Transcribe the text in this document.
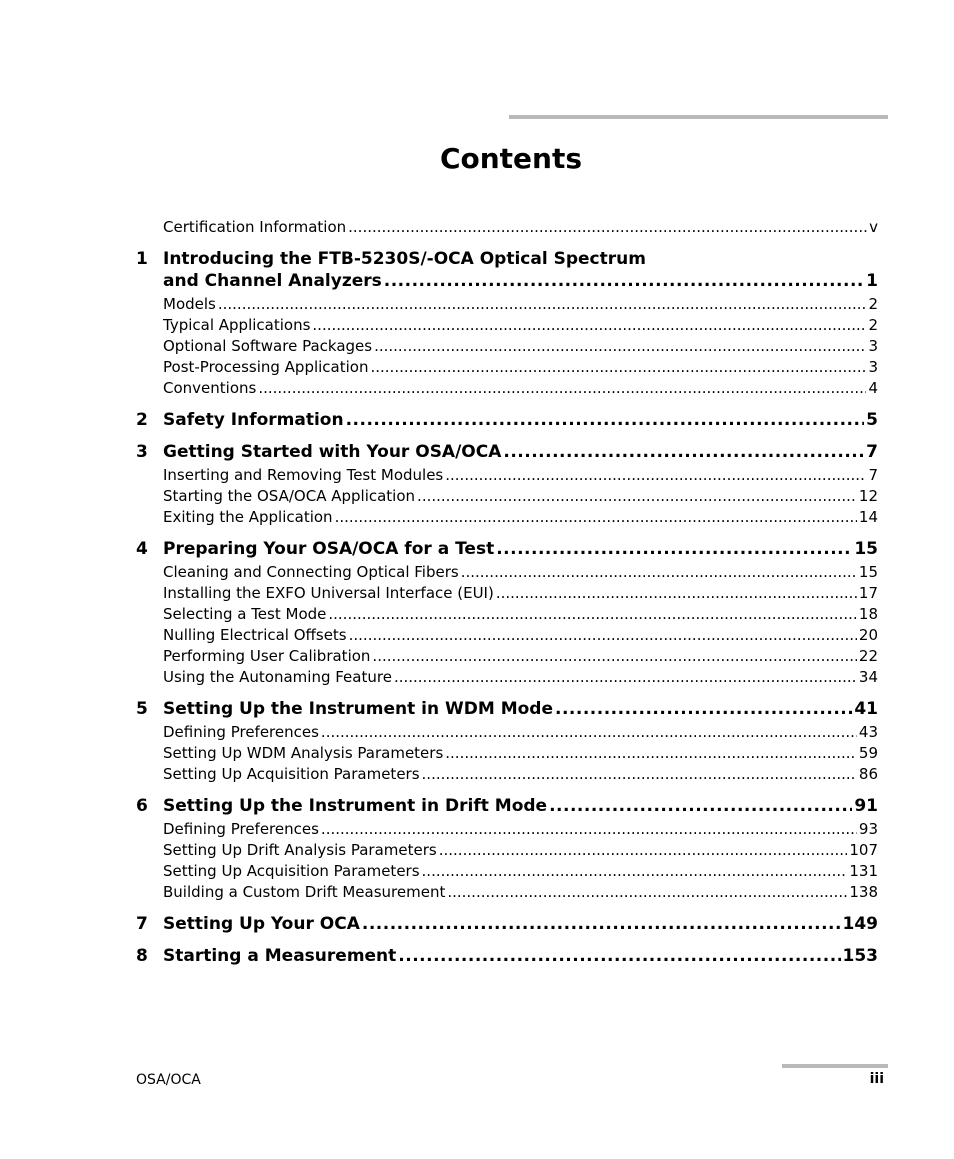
Contents
Certification Information .....	v
1 Introducing the FTB-5230S/-OCA Optical Spectrum
and Channel Analyzers .....	1
Models .....	2
Typical Applications .....	2
Optional Software Packages .....	3
Post-Processing Application .....	3
Conventions .....	4
2 Safety Information .....	5
3 Getting Started with Your OSA/OCA .....	7
Inserting and Removing Test Modules .....	7
Starting the OSA/OCA Application .....	12
Exiting the Application .....	14
4 Preparing Your OSA/OCA for a Test .....	15
Cleaning and Connecting Optical Fibers .....	15
Installing the EXFO Universal Interface (EUI) .....	17
Selecting a Test Mode .....	18
Nulling Electrical Offsets .....	20
Performing User Calibration .....	22
Using the Autonaming Feature .....	34
5 Setting Up the Instrument in WDM Mode .....	41
Defining Preferences .....	43
Setting Up WDM Analysis Parameters .....	59
Setting Up Acquisition Parameters .....	86
6 Setting Up the Instrument in Drift Mode .....	91
Defining Preferences .....	93
Setting Up Drift Analysis Parameters .....	107
Setting Up Acquisition Parameters .....	131
Building a Custom Drift Measurement .....	138
7 Setting Up Your OCA .....	149
8 Starting a Measurement .....	153
OSA/OCA	iii
